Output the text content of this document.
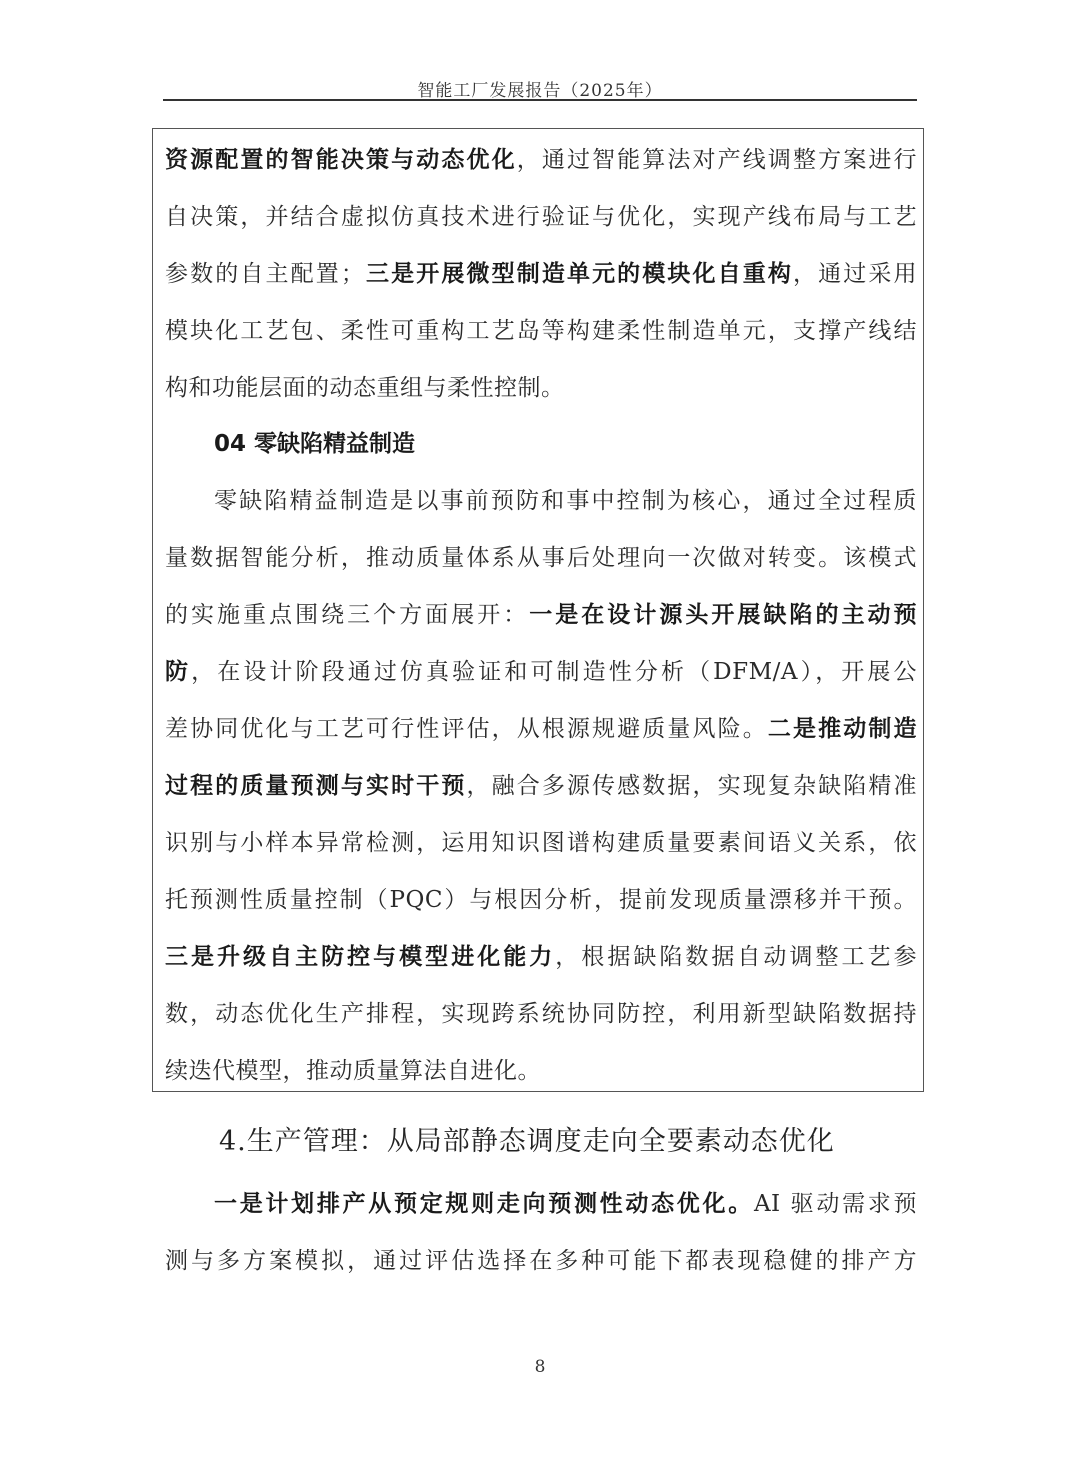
智能工厂发展报告（2025年）
资源配置的智能决策与动态优化，通过智能算法对产线调整方案进行
自决策，并结合虚拟仿真技术进行验证与优化，实现产线布局与工艺
参数的自主配置；三是开展微型制造单元的模块化自重构，通过采用
模块化工艺包、柔性可重构工艺岛等构建柔性制造单元，支撑产线结
构和功能层面的动态重组与柔性控制。
04 零缺陷精益制造
零缺陷精益制造是以事前预防和事中控制为核心，通过全过程质
量数据智能分析，推动质量体系从事后处理向一次做对转变。该模式
的实施重点围绕三个方面展开：一是在设计源头开展缺陷的主动预
防，在设计阶段通过仿真验证和可制造性分析（DFM/A），开展公
差协同优化与工艺可行性评估，从根源规避质量风险。二是推动制造
过程的质量预测与实时干预，融合多源传感数据，实现复杂缺陷精准
识别与小样本异常检测，运用知识图谱构建质量要素间语义关系，依
托预测性质量控制（PQC）与根因分析，提前发现质量漂移并干预。
三是升级自主防控与模型进化能力，根据缺陷数据自动调整工艺参
数，动态优化生产排程，实现跨系统协同防控，利用新型缺陷数据持
续迭代模型，推动质量算法自进化。
4.生产管理：从局部静态调度走向全要素动态优化
一是计划排产从预定规则走向预测性动态优化。AI 驱动需求预
测与多方案模拟，通过评估选择在多种可能下都表现稳健的排产方
8
